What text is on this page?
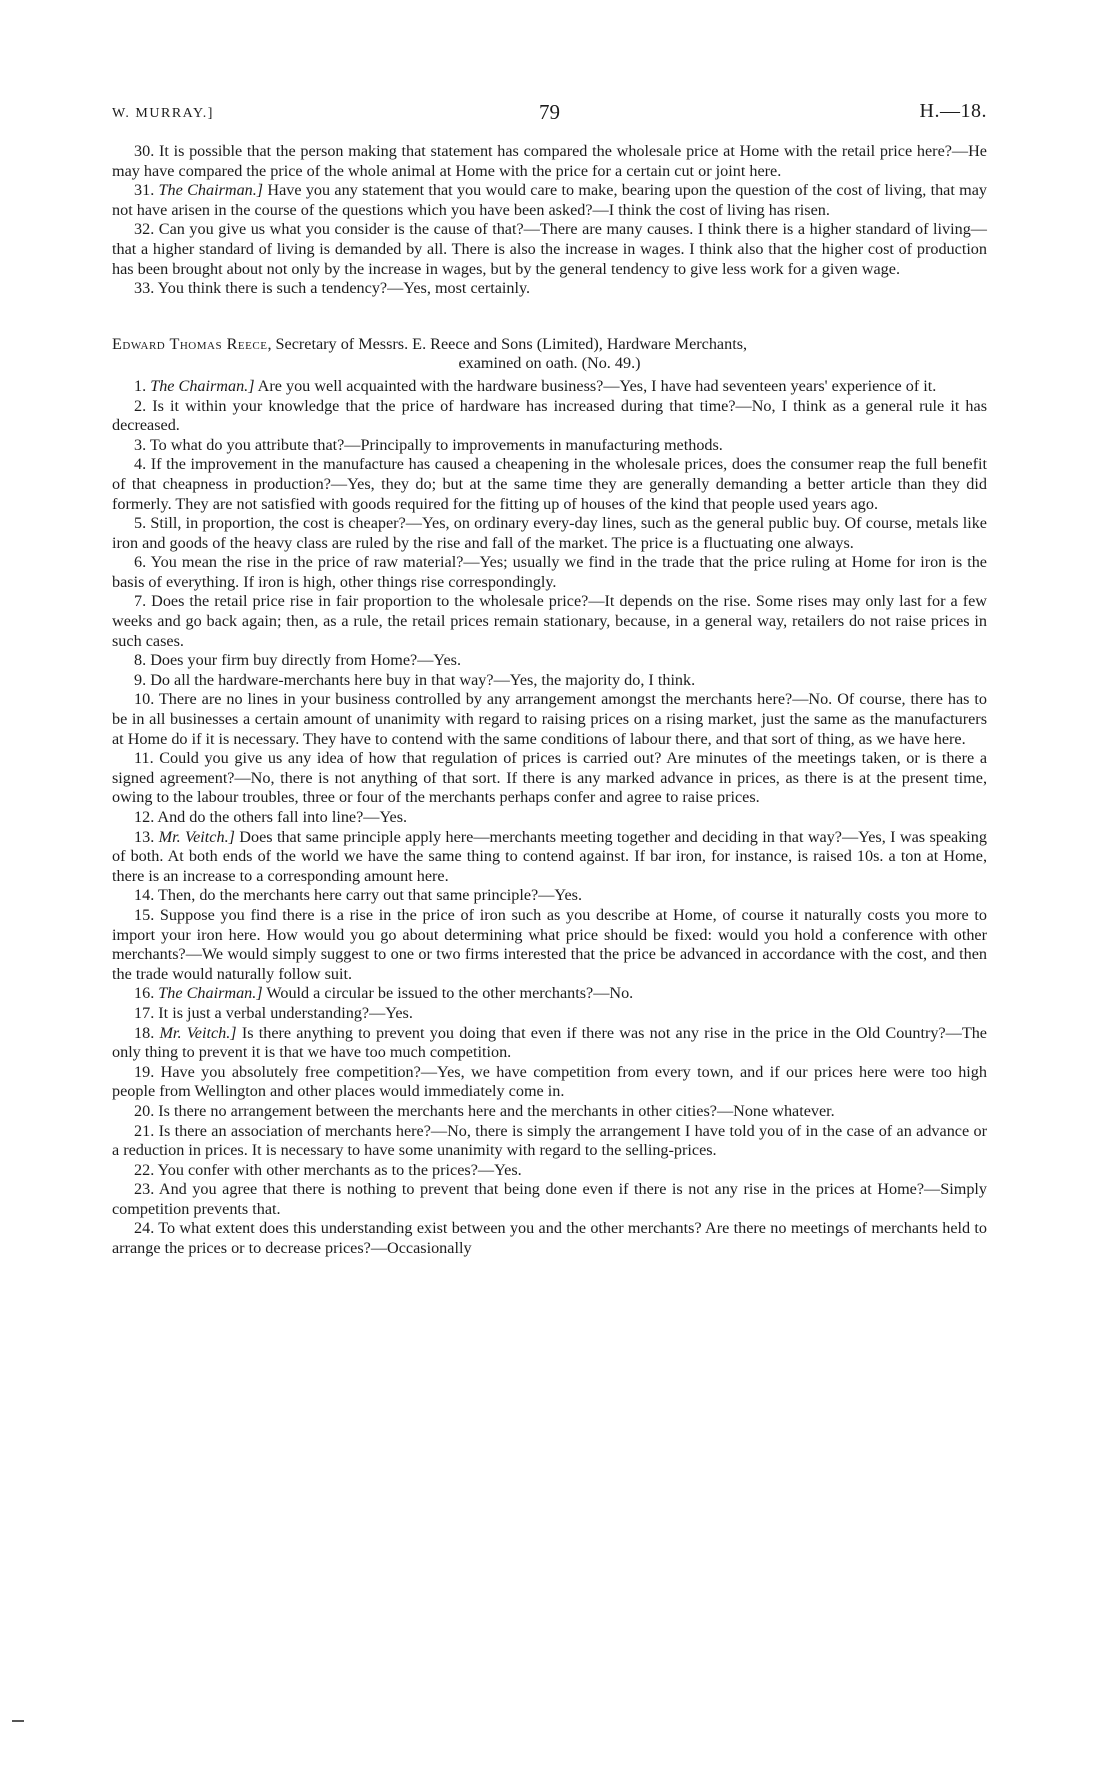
W. MURRAY.]	79	H.—18.

30. It is possible that the person making that statement has compared the wholesale price at Home with the retail price here?—He may have compared the price of the whole animal at Home with the price for a certain cut or joint here.

31. The Chairman.] Have you any statement that you would care to make, bearing upon the question of the cost of living, that may not have arisen in the course of the questions which you have been asked?—I think the cost of living has risen.

32. Can you give us what you consider is the cause of that?—There are many causes. I think there is a higher standard of living—that a higher standard of living is demanded by all. There is also the increase in wages. I think also that the higher cost of production has been brought about not only by the increase in wages, but by the general tendency to give less work for a given wage.

33. You think there is such a tendency?—Yes, most certainly.

Edward Thomas Reece, Secretary of Messrs. E. Reece and Sons (Limited), Hardware Merchants,

examined on oath. (No. 49.)

1. The Chairman.] Are you well acquainted with the hardware business?—Yes, I have had seventeen years' experience of it.

2. Is it within your knowledge that the price of hardware has increased during that time?—No, I think as a general rule it has decreased.

3. To what do you attribute that?—Principally to improvements in manufacturing methods.

4. If the improvement in the manufacture has caused a cheapening in the wholesale prices, does the consumer reap the full benefit of that cheapness in production?—Yes, they do; but at the same time they are generally demanding a better article than they did formerly. They are not satisfied with goods required for the fitting up of houses of the kind that people used years ago.

5. Still, in proportion, the cost is cheaper?—Yes, on ordinary every-day lines, such as the general public buy. Of course, metals like iron and goods of the heavy class are ruled by the rise and fall of the market. The price is a fluctuating one always.

6. You mean the rise in the price of raw material?—Yes; usually we find in the trade that the price ruling at Home for iron is the basis of everything. If iron is high, other things rise correspondingly.

7. Does the retail price rise in fair proportion to the wholesale price?—It depends on the rise. Some rises may only last for a few weeks and go back again; then, as a rule, the retail prices remain stationary, because, in a general way, retailers do not raise prices in such cases.

8. Does your firm buy directly from Home?—Yes.

9. Do all the hardware-merchants here buy in that way?—Yes, the majority do, I think.

10. There are no lines in your business controlled by any arrangement amongst the merchants here?—No. Of course, there has to be in all businesses a certain amount of unanimity with regard to raising prices on a rising market, just the same as the manufacturers at Home do if it is necessary. They have to contend with the same conditions of labour there, and that sort of thing, as we have here.

11. Could you give us any idea of how that regulation of prices is carried out? Are minutes of the meetings taken, or is there a signed agreement?—No, there is not anything of that sort. If there is any marked advance in prices, as there is at the present time, owing to the labour troubles, three or four of the merchants perhaps confer and agree to raise prices.

12. And do the others fall into line?—Yes.

13. Mr. Veitch.] Does that same principle apply here—merchants meeting together and deciding in that way?—Yes, I was speaking of both. At both ends of the world we have the same thing to contend against. If bar iron, for instance, is raised 10s. a ton at Home, there is an increase to a corresponding amount here.

14. Then, do the merchants here carry out that same principle?—Yes.

15. Suppose you find there is a rise in the price of iron such as you describe at Home, of course it naturally costs you more to import your iron here. How would you go about determining what price should be fixed: would you hold a conference with other merchants?—We would simply suggest to one or two firms interested that the price be advanced in accordance with the cost, and then the trade would naturally follow suit.

16. The Chairman.] Would a circular be issued to the other merchants?—No.

17. It is just a verbal understanding?—Yes.

18. Mr. Veitch.] Is there anything to prevent you doing that even if there was not any rise in the price in the Old Country?—The only thing to prevent it is that we have too much competition.

19. Have you absolutely free competition?—Yes, we have competition from every town, and if our prices here were too high people from Wellington and other places would immediately come in.

20. Is there no arrangement between the merchants here and the merchants in other cities?—None whatever.

21. Is there an association of merchants here?—No, there is simply the arrangement I have told you of in the case of an advance or a reduction in prices. It is necessary to have some unanimity with regard to the selling-prices.

22. You confer with other merchants as to the prices?—Yes.

23. And you agree that there is nothing to prevent that being done even if there is not any rise in the prices at Home?—Simply competition prevents that.

24. To what extent does this understanding exist between you and the other merchants? Are there no meetings of merchants held to arrange the prices or to decrease prices?—Occasionally
